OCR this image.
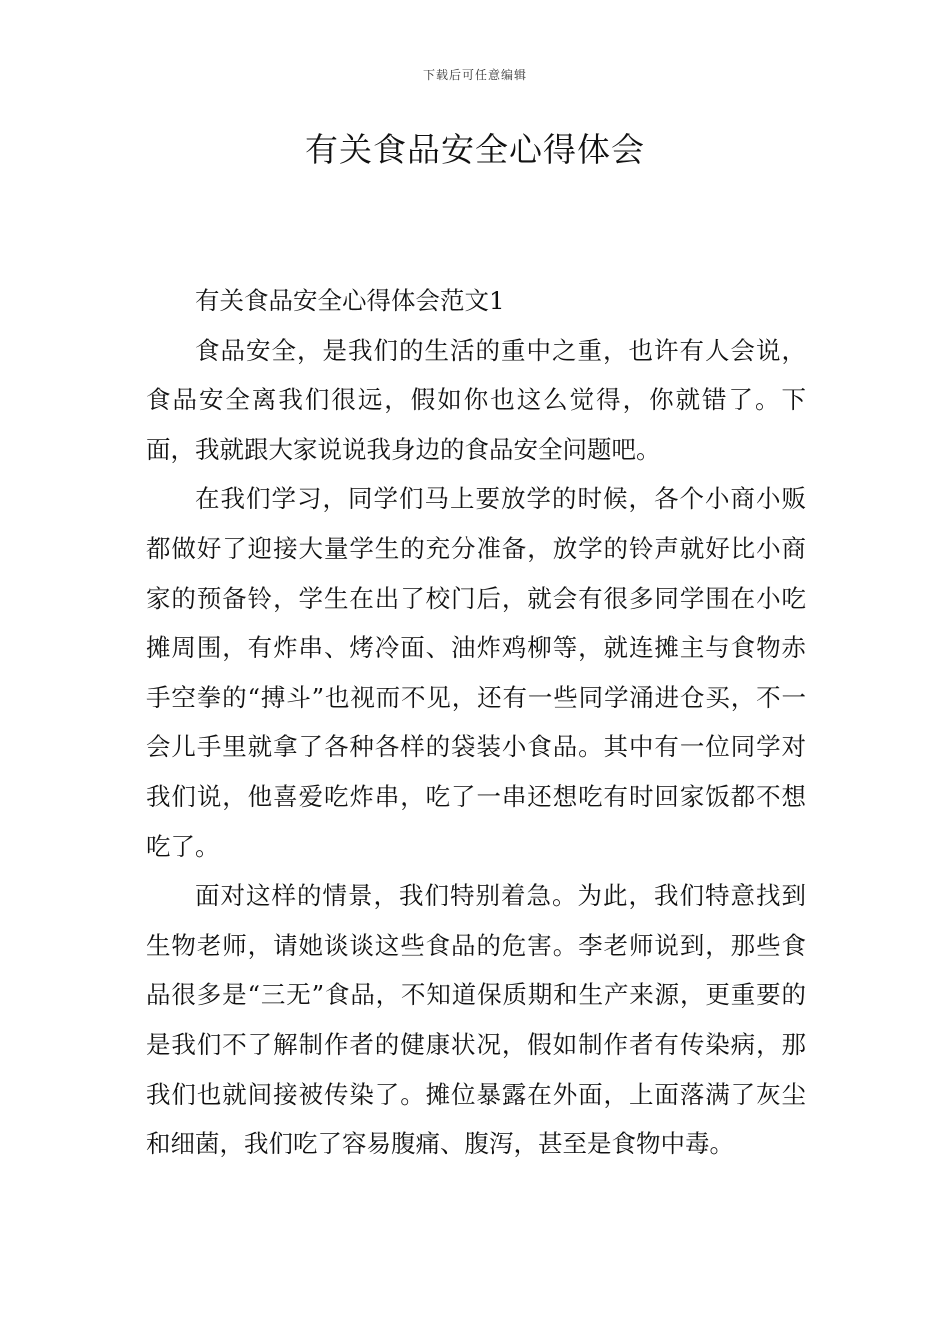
下载后可任意编辑
有关食品安全心得体会

有关食品安全心得体会范文1

食品安全，是我们的生活的重中之重，也许有人会说，食品安全离我们很远，假如你也这么觉得，你就错了。下面，我就跟大家说说我身边的食品安全问题吧。

在我们学习，同学们马上要放学的时候，各个小商小贩都做好了迎接大量学生的充分准备，放学的铃声就好比小商家的预备铃，学生在出了校门后，就会有很多同学围在小吃摊周围，有炸串、烤冷面、油炸鸡柳等，就连摊主与食物赤手空拳的“搏斗”也视而不见，还有一些同学涌进仓买，不一会儿手里就拿了各种各样的袋装小食品。其中有一位同学对我们说，他喜爱吃炸串，吃了一串还想吃有时回家饭都不想吃了。

面对这样的情景，我们特别着急。为此，我们特意找到生物老师，请她谈谈这些食品的危害。李老师说到，那些食品很多是“三无”食品，不知道保质期和生产来源，更重要的是我们不了解制作者的健康状况，假如制作者有传染病，那我们也就间接被传染了。摊位暴露在外面，上面落满了灰尘和细菌，我们吃了容易腹痛、腹泻，甚至是食物中毒。
